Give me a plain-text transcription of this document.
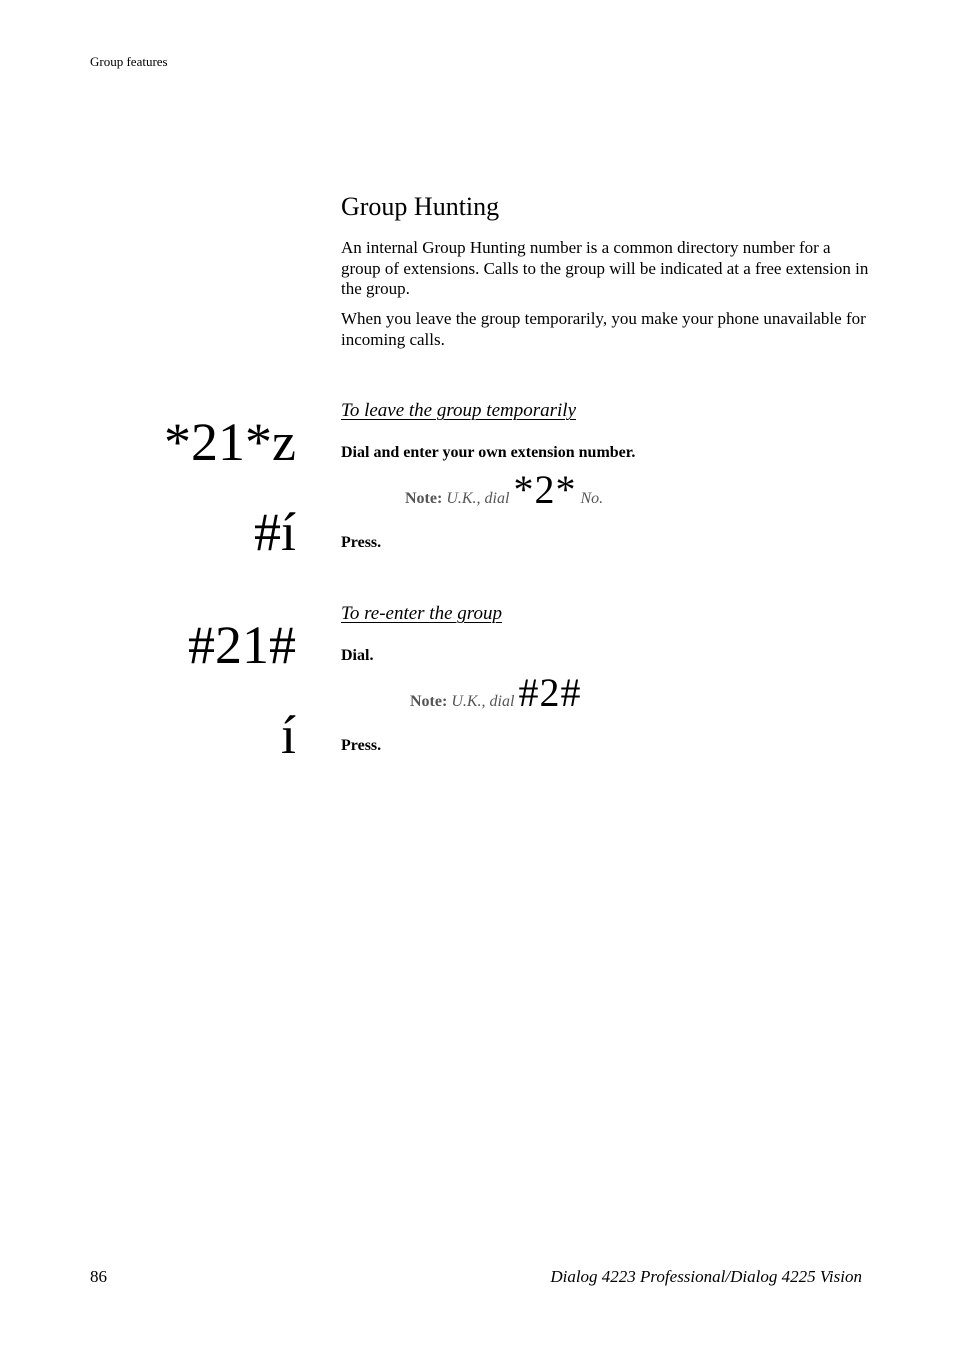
Group features
Group Hunting

An internal Group Hunting number is a common directory number for a group of extensions. Calls to the group will be indicated at a free extension in the group.

When you leave the group temporarily, you make your phone unavailable for incoming calls.

To leave the group temporarily
*21*z	Dial and enter your own extension number.
Note: U.K., dial *2* No.
#í	Press.
To re-enter the group
#21#	Dial.
Note: U.K., dial #2#
í	Press.
86	Dialog 4223 Professional/Dialog 4225 Vision
